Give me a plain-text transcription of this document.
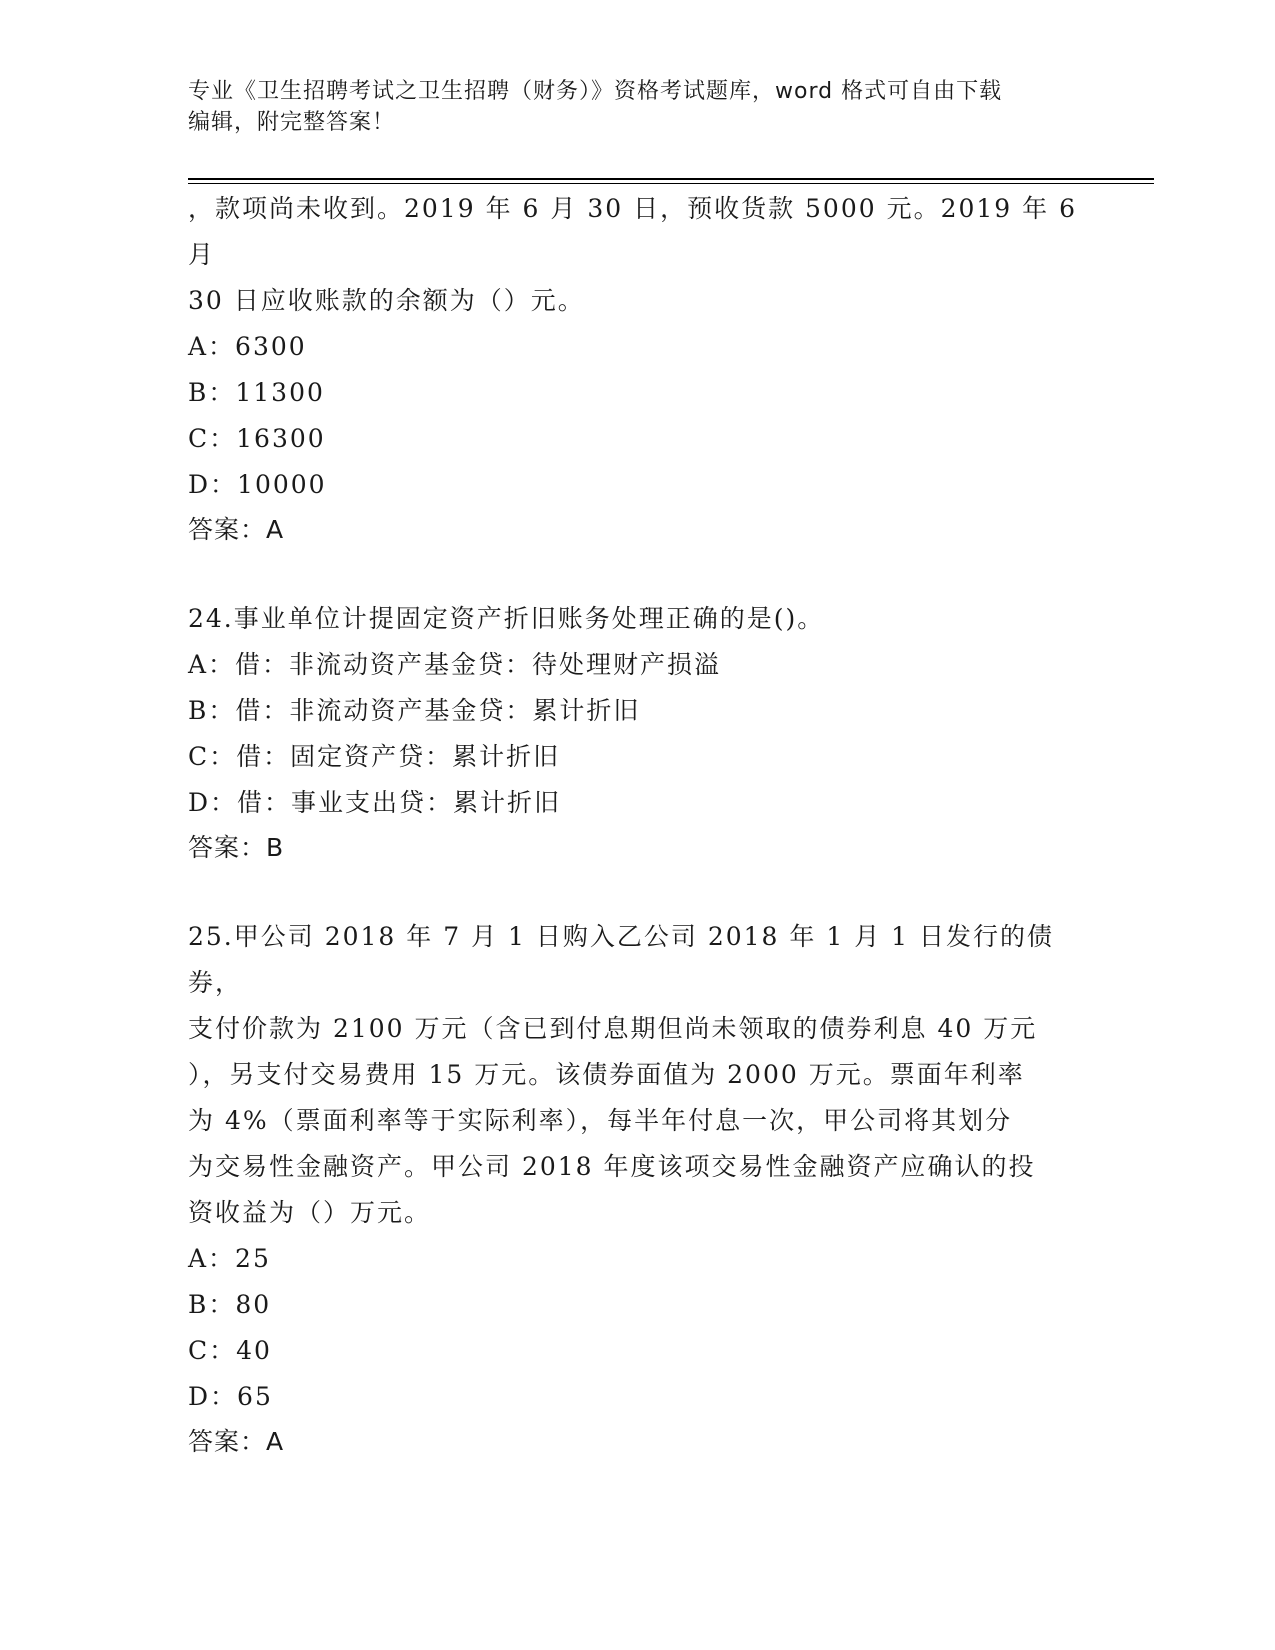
专业《卫生招聘考试之卫生招聘（财务）》资格考试题库，word 格式可自由下载
编辑，附完整答案！

，款项尚未收到。2019 年 6 月 30 日，预收货款 5000 元。2019 年 6 月

30 日应收账款的余额为（）元。

A：6300

B：11300

C：16300

D：10000

答案：A

24.事业单位计提固定资产折旧账务处理正确的是()。

A：借：非流动资产基金贷：待处理财产损溢

B：借：非流动资产基金贷：累计折旧

C：借：固定资产贷：累计折旧

D：借：事业支出贷：累计折旧

答案：B

25.甲公司 2018 年 7 月 1 日购入乙公司 2018 年 1 月 1 日发行的债券，

支付价款为 2100 万元（含已到付息期但尚未领取的债券利息 40 万元

），另支付交易费用 15 万元。该债券面值为 2000 万元。票面年利率

为 4%（票面利率等于实际利率），每半年付息一次，甲公司将其划分

为交易性金融资产。甲公司 2018 年度该项交易性金融资产应确认的投

资收益为（）万元。

A：25

B：80

C：40

D：65

答案：A
